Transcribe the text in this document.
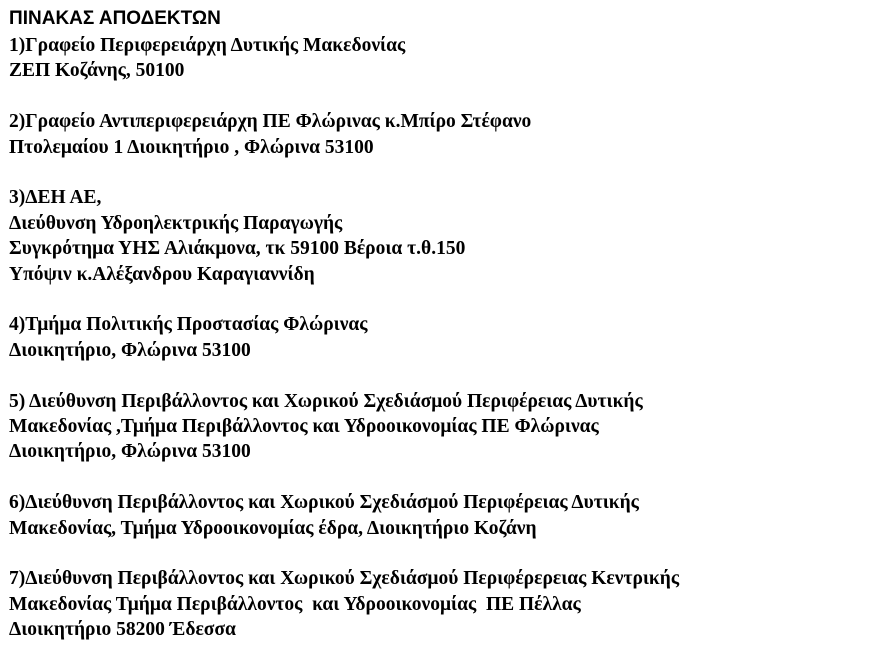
ΠΙΝΑΚΑΣ ΑΠΟΔΕΚΤΩΝ
1)Γραφείο Περιφερειάρχη Δυτικής Μακεδονίας
ΖΕΠ Κοζάνης, 50100
2)Γραφείο Αντιπεριφερειάρχη ΠΕ Φλώρινας κ.Μπίρο Στέφανο
Πτολεμαίου 1 Διοικητήριο , Φλώρινα 53100
3)ΔΕΗ ΑΕ,
Διεύθυνση Υδροηλεκτρικής Παραγωγής
Συγκρότημα ΥΗΣ Αλιάκμονα, τκ 59100 Βέροια τ.θ.150
Υπόψιν κ.Αλέξανδρου Καραγιαννίδη
4)Τμήμα Πολιτικής Προστασίας Φλώρινας
Διοικητήριο, Φλώρινα 53100
5) Διεύθυνση Περιβάλλοντος και Χωρικού Σχεδιάσμού Περιφέρειας Δυτικής
Μακεδονίας ,Τμήμα Περιβάλλοντος και Υδροοικονομίας ΠΕ Φλώρινας
Διοικητήριο, Φλώρινα 53100
6)Διεύθυνση Περιβάλλοντος και Χωρικού Σχεδιάσμού Περιφέρειας Δυτικής
Μακεδονίας, Τμήμα Υδροοικονομίας έδρα, Διοικητήριο Κοζάνη
7)Διεύθυνση Περιβάλλοντος και Χωρικού Σχεδιάσμού Περιφέρερειας Κεντρικής
Μακεδονίας Τμήμα Περιβάλλοντος  και Υδροοικονομίας  ΠΕ Πέλλας
Διοικητήριο 58200 Έδεσσα
